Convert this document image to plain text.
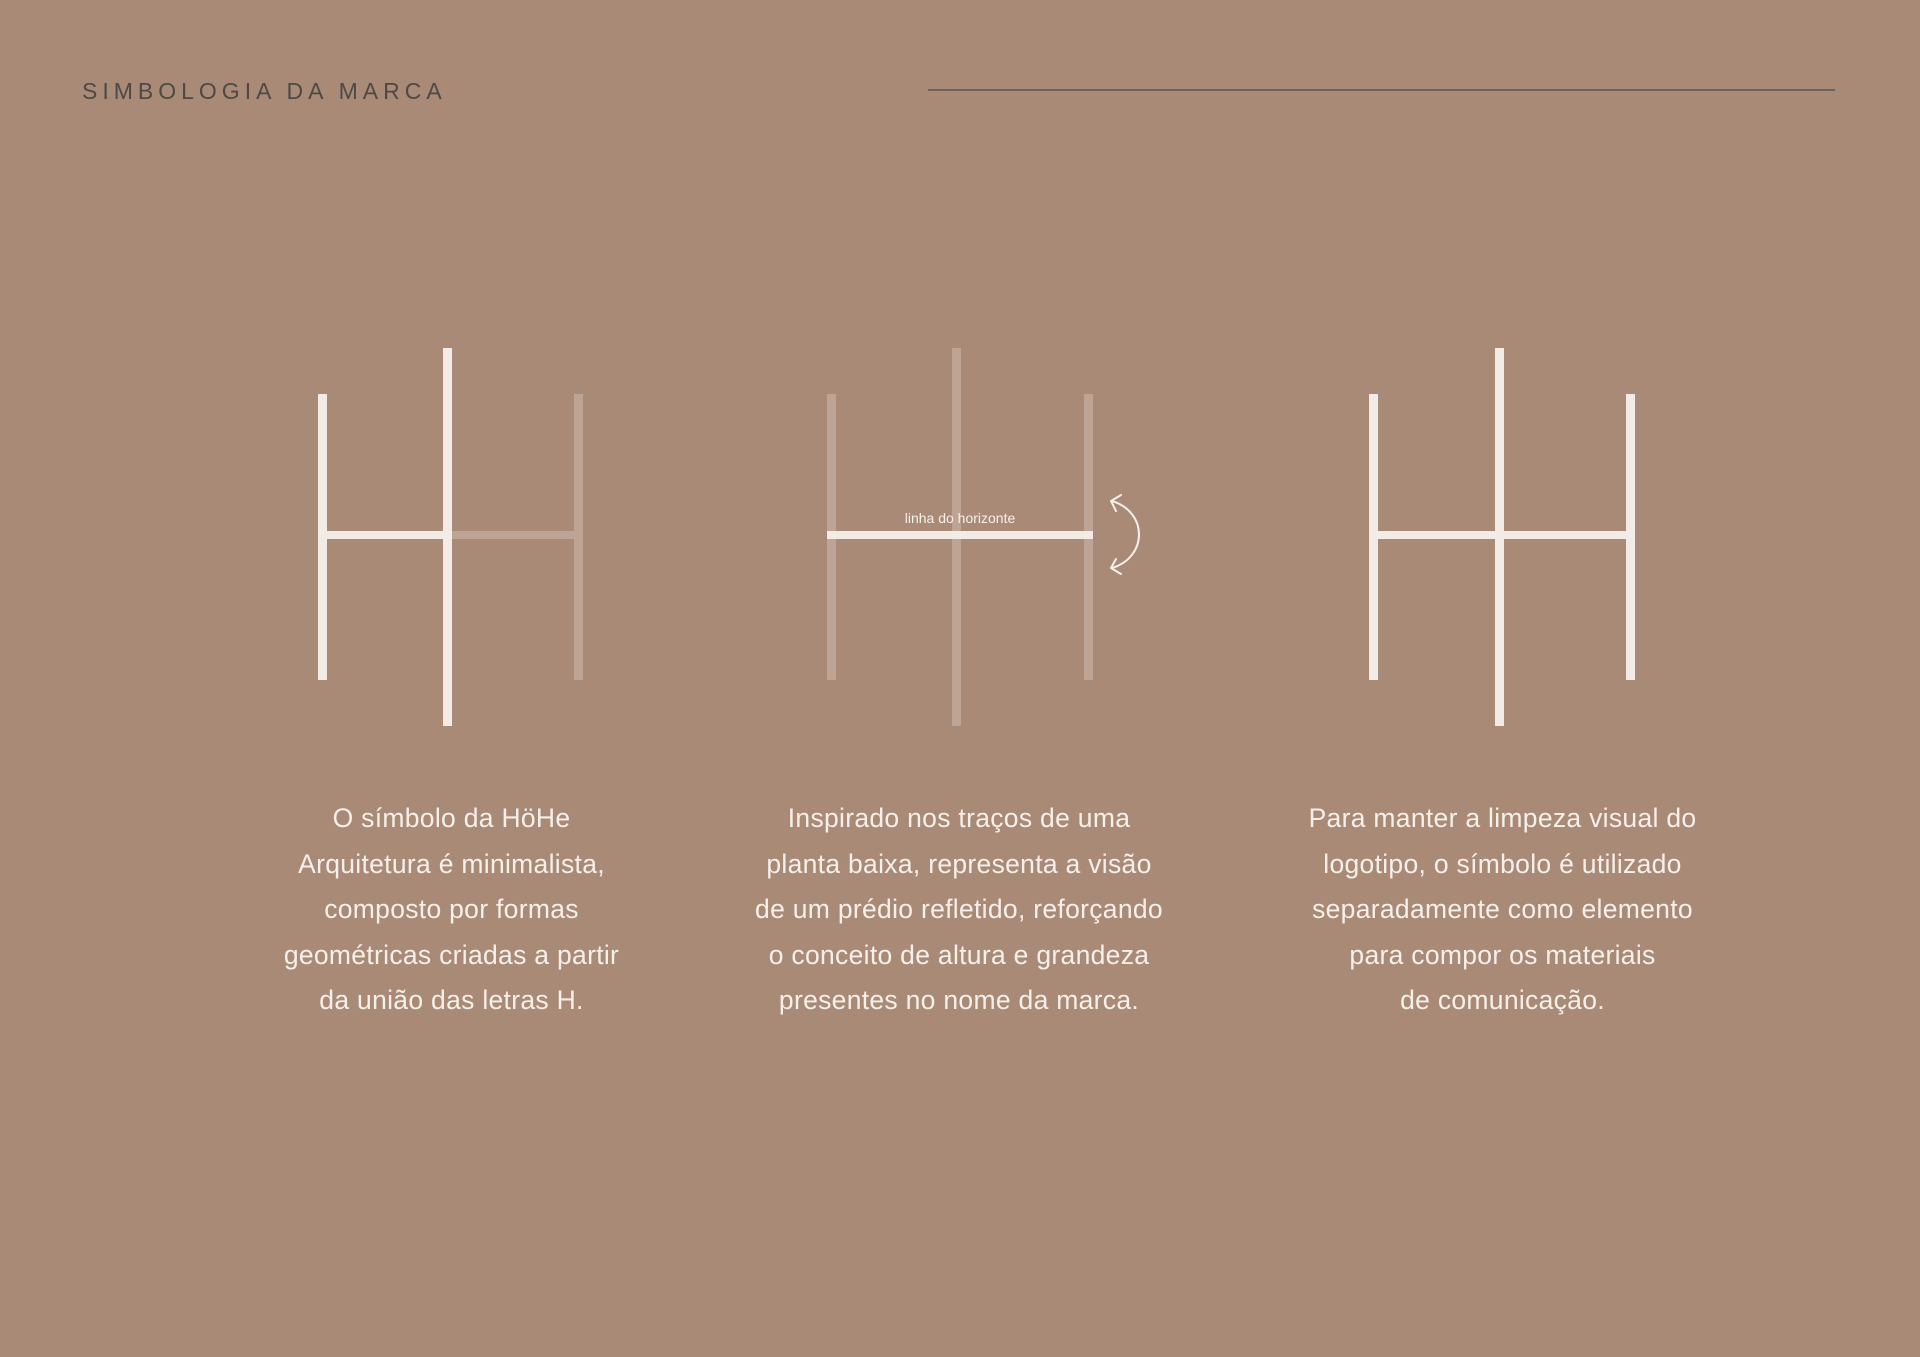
SIMBOLOGIA DA MARCA
linha do horizonte

O símbolo da HöHe

Arquitetura é minimalista,

composto por formas

geométricas criadas a partir

da união das letras H.

Inspirado nos traços de uma

planta baixa, representa a visão

de um prédio refletido, reforçando

o conceito de altura e grandeza

presentes no nome da marca.

Para manter a limpeza visual do

logotipo, o símbolo é utilizado

separadamente como elemento

para compor os materiais

de comunicação.
